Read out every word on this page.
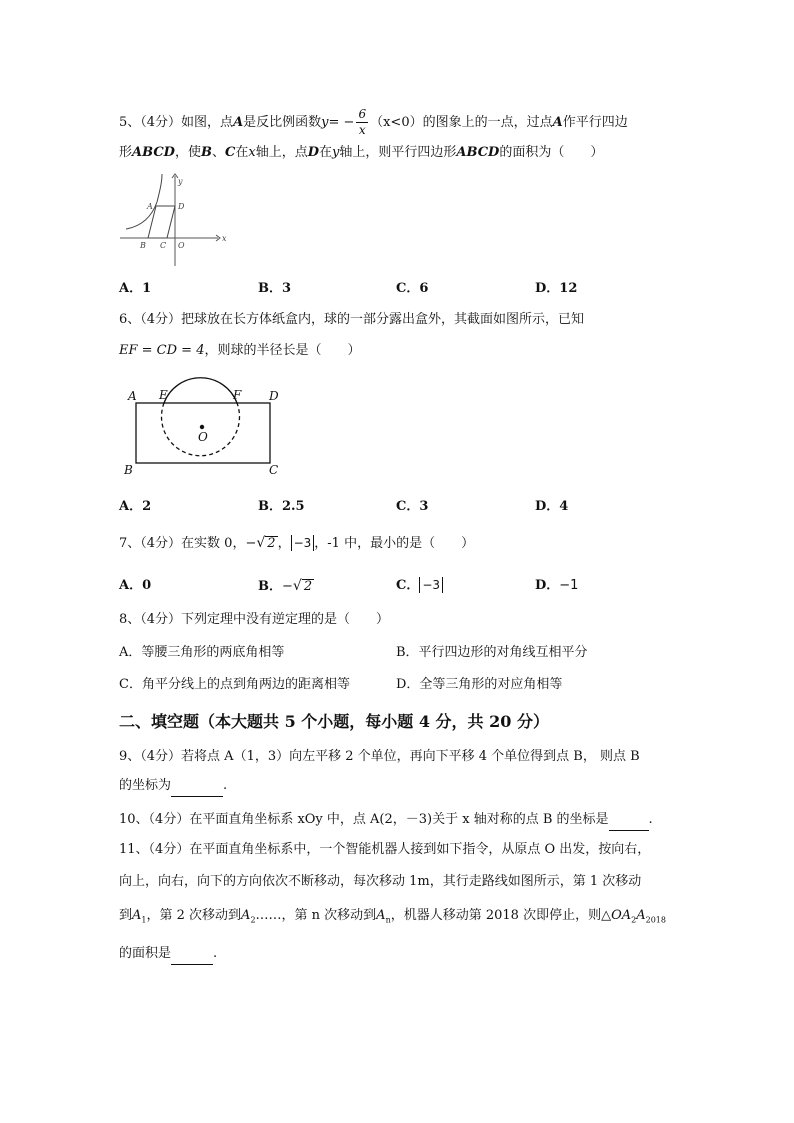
5、（4分）如图，点A是反比例函数$y= - \frac{6}{x} (x<0)$的图象上的一点，过点A作平行四边
形ABCD，使B、C在x轴上，点D在y轴上，则平行四边形ABCD的面积为（　　）
y
A	D
B C O
x
A．1	B．3	C．6	D．12
6、（4分）把球放在长方体纸盒内，球的一部分露出盒外，其截面如图所示，已知
EF = CD = 4，则球的半径长是（　　）
A E	F D
O
B	C
A．2	B．2.5	C．3	D．4
7、（4分）在实数 0，−√ 2 ， −3 ，-1 中，最小的是（　　）
A．0	B．−√ 2	C． −3	D．−1
8、（4分）下列定理中没有逆定理的是（　　）
A．等腰三角形的两底角相等	B．平行四边形的对角线互相平分
C．角平分线上的点到角两边的距离相等	D．全等三角形的对应角相等
二、填空题（本大题共 5 个小题，每小题 4 分，共 20 分）
9、（4分）若将点 A（1，3）向左平移 2 个单位，再向下平移 4 个单位得到点 B， 则点 B
的坐标为	.
10、（4分）在平面直角坐标系 xOy 中，点 A(2，－3)关于 x 轴对称的点 B 的坐标是	.
11、（4分）在平面直角坐标系中，一个智能机器人接到如下指令，从原点 O 出发，按向右，
向上，向右，向下的方向依次不断移动，每次移动 1m，其行走路线如图所示，第 1 次移动
到$A_1$，第 2 次移动到$A_2\dots\dots$，第 n 次移动到$A_n$，机器人移动第 2018 次即停止，则$\triangle OA_2A_{2018}$
的面积是	.
